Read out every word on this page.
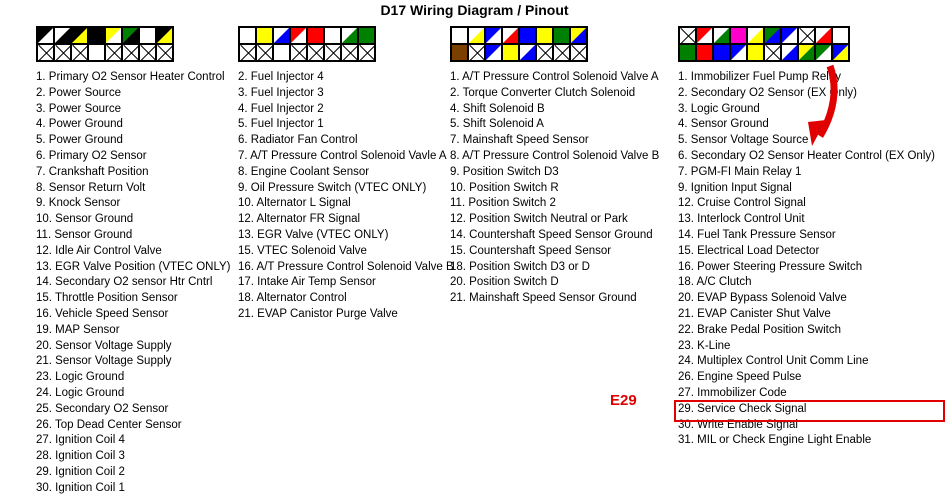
D17 Wiring Diagram / Pinout
1. Primary O2 Sensor Heater Control
2. Power Source
3. Power Source
4. Power Ground
5. Power Ground
6. Primary O2 Sensor
7. Crankshaft Position
8. Sensor Return Volt
9. Knock Sensor
10. Sensor Ground
11. Sensor Ground
12. Idle Air Control Valve
13. EGR Valve Position (VTEC ONLY)
14. Secondary O2 sensor Htr Cntrl
15. Throttle Position Sensor
16. Vehicle Speed Sensor
19. MAP Sensor
20. Sensor Voltage Supply
21. Sensor Voltage Supply
23. Logic Ground
24. Logic Ground
25. Secondary O2 Sensor
26. Top Dead Center Sensor
27. Ignition Coil 4
28. Ignition Coil 3
29. Ignition Coil 2
30. Ignition Coil 1
2. Fuel Injector 4
3. Fuel Injector 3
4. Fuel Injector 2
5. Fuel Injector 1
6. Radiator Fan Control
7. A/T Pressure Control Solenoid Vavle A
8. Engine Coolant Sensor
9. Oil Pressure Switch (VTEC ONLY)
10. Alternator L Signal
12. Alternator FR Signal
13. EGR Valve (VTEC ONLY)
15. VTEC Solenoid Valve
16. A/T Pressure Control Solenoid Valve B
17. Intake Air Temp Sensor
18. Alternator Control
21. EVAP Canistor Purge Valve
1. A/T Pressure Control Solenoid Valve A
2. Torque Converter Clutch Solenoid
4. Shift Solenoid B
5. Shift Solenoid A
7. Mainshaft Speed Sensor
8. A/T Pressure Control Solenoid Valve B
9. Position Switch D3
10. Position Switch R
11. Position Switch 2
12. Position Switch Neutral or Park
14. Countershaft Speed Sensor Ground
15. Countershaft Speed Sensor
18. Position Switch D3 or D
20. Position Switch D
21. Mainshaft Speed Sensor Ground
1. Immobilizer Fuel Pump Relay
2. Secondary O2 Sensor (EX Only)
3. Logic Ground
4. Sensor Ground
5. Sensor Voltage Source
6. Secondary O2 Sensor Heater Control (EX Only)
7. PGM-FI Main Relay 1
9. Ignition Input Signal
12. Cruise Control Signal
13. Interlock Control Unit
14. Fuel Tank Pressure Sensor
15. Electrical Load Detector
16. Power Steering Pressure Switch
18. A/C Clutch
20. EVAP Bypass Solenoid Valve
21. EVAP Canister Shut Valve
22. Brake Pedal Position Switch
23. K-Line
24. Multiplex Control Unit Comm Line
26. Engine Speed Pulse
27. Immobilizer Code
29. Service Check Signal
30. Write Enable Signal
31. MIL or Check Engine Light Enable
E29
